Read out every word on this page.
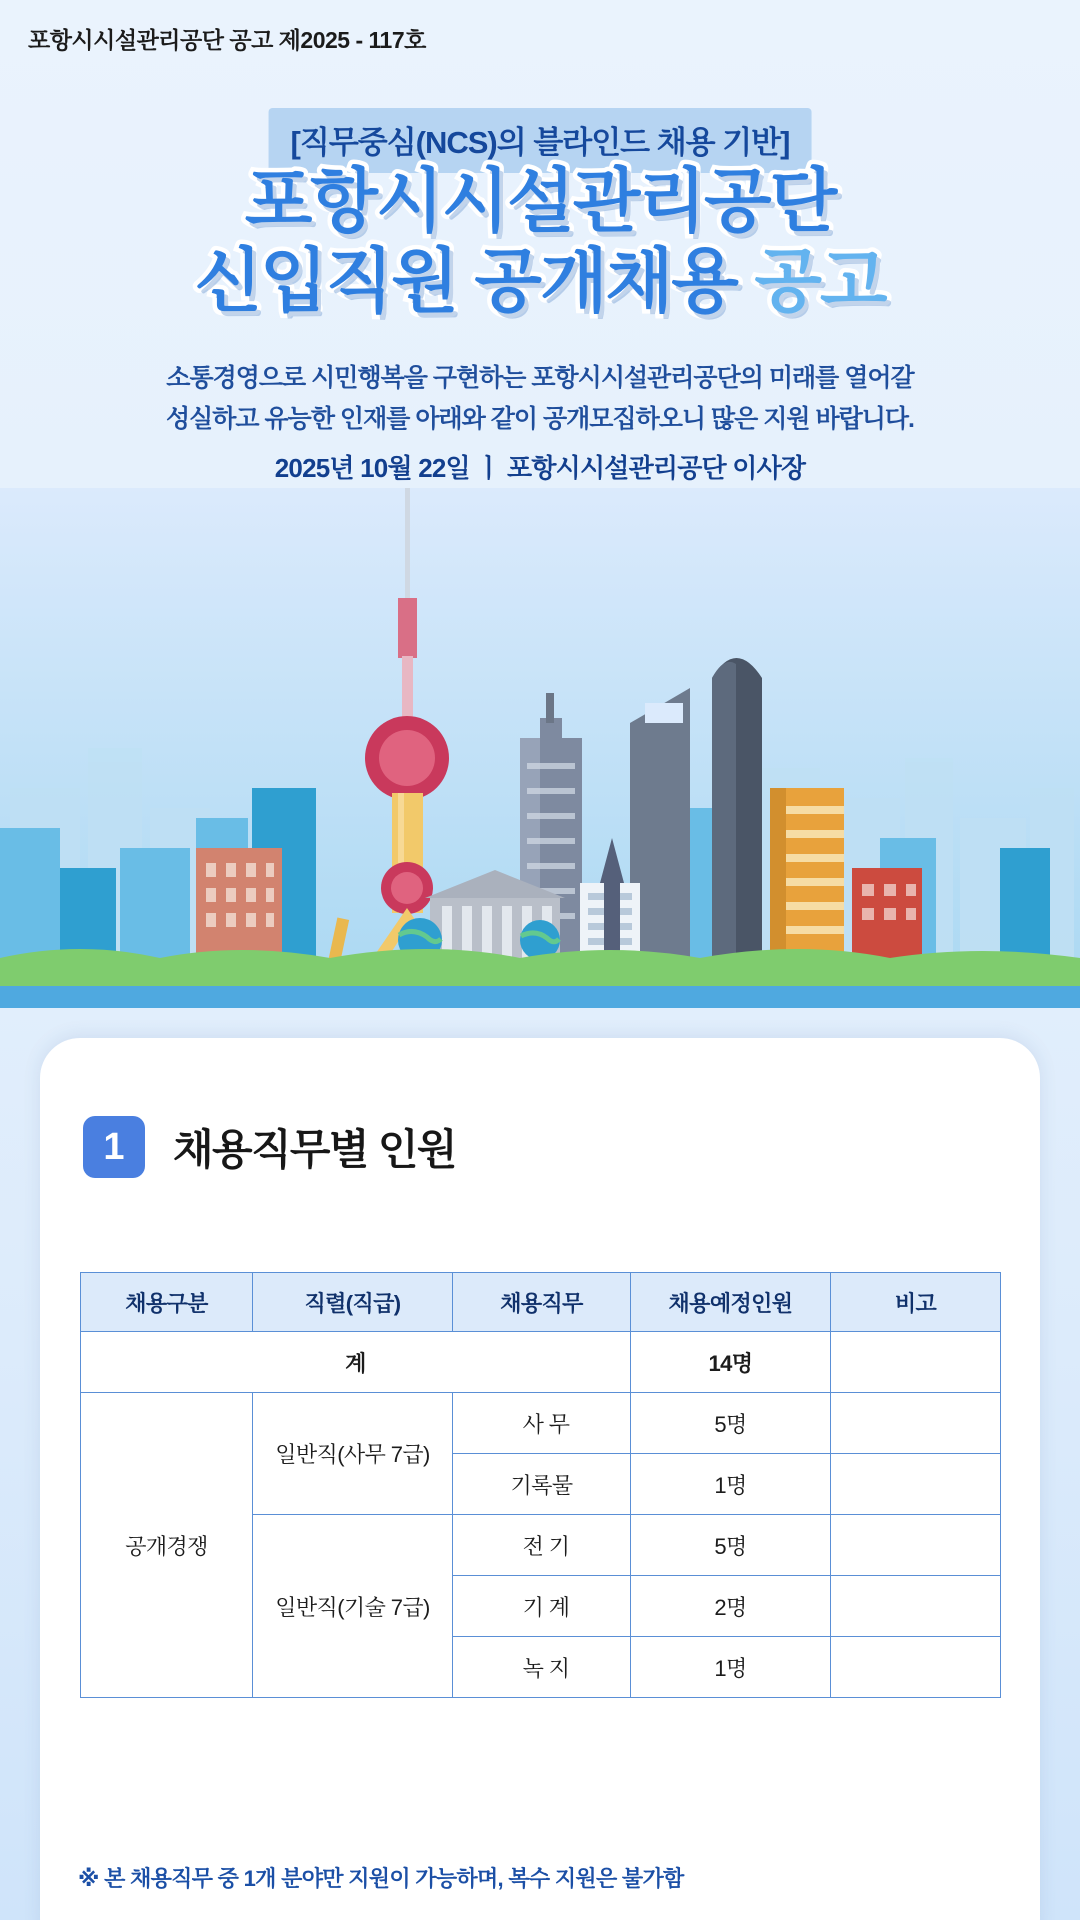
포항시시설관리공단 공고 제2025 - 117호
[직무중심(NCS)의 블라인드 채용 기반]
포항시시설관리공단
신입직원 공개채용 공고
소통경영으로 시민행복을 구현하는 포항시시설관리공단의 미래를 열어갈
성실하고 유능한 인재를 아래와 같이 공개모집하오니 많은 지원 바랍니다.
2025년 10월 22일 ㅣ 포항시시설관리공단 이사장
1	채용직무별 인원
채용구분	직렬(직급)	채용직무	채용예정인원	비고
계			14명	
공개경쟁	일반직(사무 7급)	사 무	5명	
		기록물	1명	
	일반직(기술 7급)	전 기	5명	
		기 계	2명	
		녹 지	1명	
※ 본 채용직무 중 1개 분야만 지원이 가능하며, 복수 지원은 불가함
